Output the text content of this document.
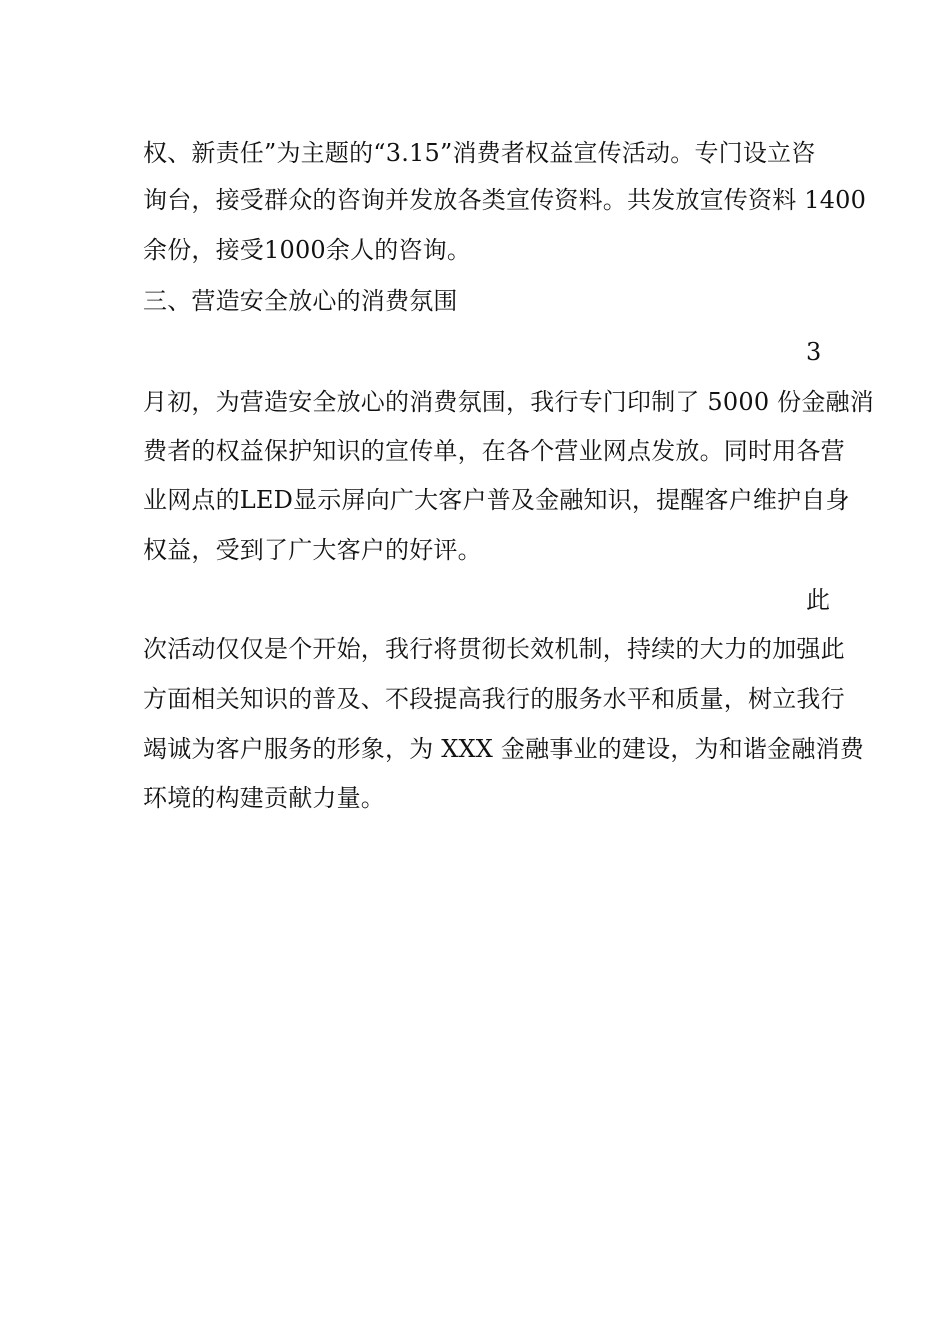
权、新责任”为主题的“3.15”消费者权益宣传活动。专门设立咨
询台，接受群众的咨询并发放各类宣传资料。共发放宣传资料 1400
余份，接受1000余人的咨询。
三、营造安全放心的消费氛围
3
月初，为营造安全放心的消费氛围，我行专门印制了 5000 份金融消
费者的权益保护知识的宣传单，在各个营业网点发放。同时用各营
业网点的LED显示屏向广大客户普及金融知识，提醒客户维护自身
权益，受到了广大客户的好评。
此
次活动仅仅是个开始，我行将贯彻长效机制，持续的大力的加强此
方面相关知识的普及、不段提高我行的服务水平和质量，树立我行
竭诚为客户服务的形象，为 XXX 金融事业的建设，为和谐金融消费
环境的构建贡献力量。
